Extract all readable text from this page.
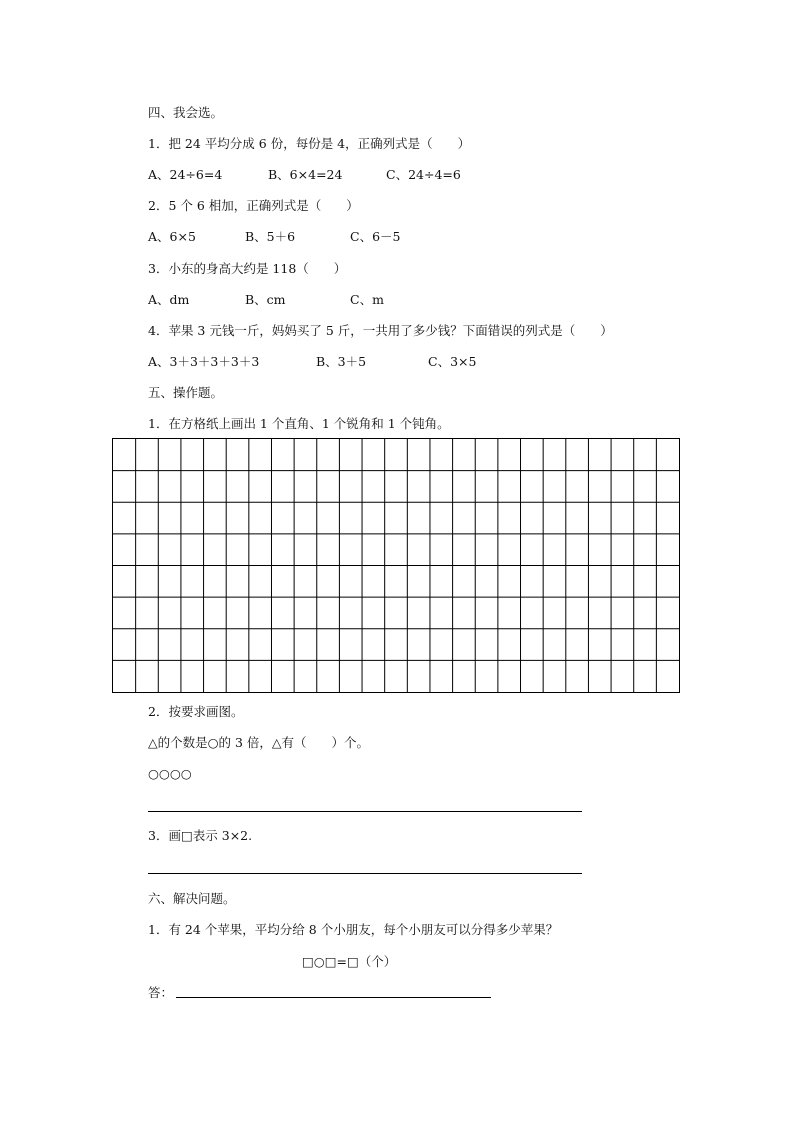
四、我会选。
1．把 24 平均分成 6 份，每份是 4，正确列式是（　　）
A、24÷6=4	B、6×4=24	C、24÷4=6
2．5 个 6 相加，正确列式是（　　）
A、6×5	B、5＋6	C、6－5
3．小东的身高大约是 118（　　）
A、dm	B、cm	C、m
4．苹果 3 元钱一斤，妈妈买了 5 斤，一共用了多少钱？下面错误的列式是（　　）
A、3＋3＋3＋3＋3	B、3＋5	C、3×5
五、操作题。
1．在方格纸上画出 1 个直角、1 个锐角和 1 个钝角。
2．按要求画图。
△的个数是○的 3 倍，△有（　　）个。
○○○○
3．画□表示 3×2.
六、解决问题。
1．有 24 个苹果，平均分给 8 个小朋友，每个小朋友可以分得多少苹果？
□○□=□（个）
答：
